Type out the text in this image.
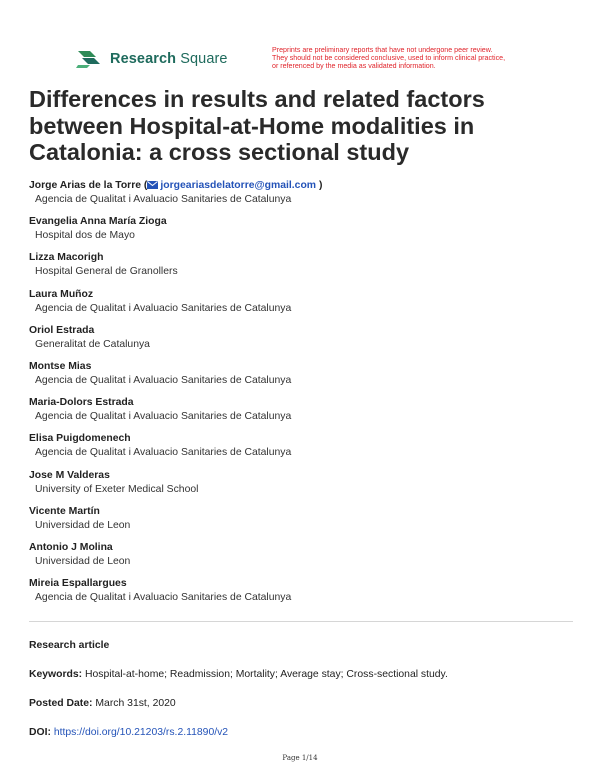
Research Square
Preprints are preliminary reports that have not undergone peer review.
They should not be considered conclusive, used to inform clinical practice,
or referenced by the media as validated information.
Differences in results and related factors between Hospital-at-Home modalities in Catalonia: a cross sectional study
Jorge Arias de la Torre ( jorgeariasdelatorre@gmail.com )
Agencia de Qualitat i Avaluacio Sanitaries de Catalunya
Evangelia Anna María Zioga
Hospital dos de Mayo
Lizza Macorigh
Hospital General de Granollers
Laura Muñoz
Agencia de Qualitat i Avaluacio Sanitaries de Catalunya
Oriol Estrada
Generalitat de Catalunya
Montse Mias
Agencia de Qualitat i Avaluacio Sanitaries de Catalunya
Maria-Dolors Estrada
Agencia de Qualitat i Avaluacio Sanitaries de Catalunya
Elisa Puigdomenech
Agencia de Qualitat i Avaluacio Sanitaries de Catalunya
Jose M Valderas
University of Exeter Medical School
Vicente Martín
Universidad de Leon
Antonio J Molina
Universidad de Leon
Mireia Espallargues
Agencia de Qualitat i Avaluacio Sanitaries de Catalunya
Research article
Keywords: Hospital-at-home; Readmission; Mortality; Average stay; Cross-sectional study.
Posted Date: March 31st, 2020
DOI: https://doi.org/10.21203/rs.2.11890/v2
Page 1/14
